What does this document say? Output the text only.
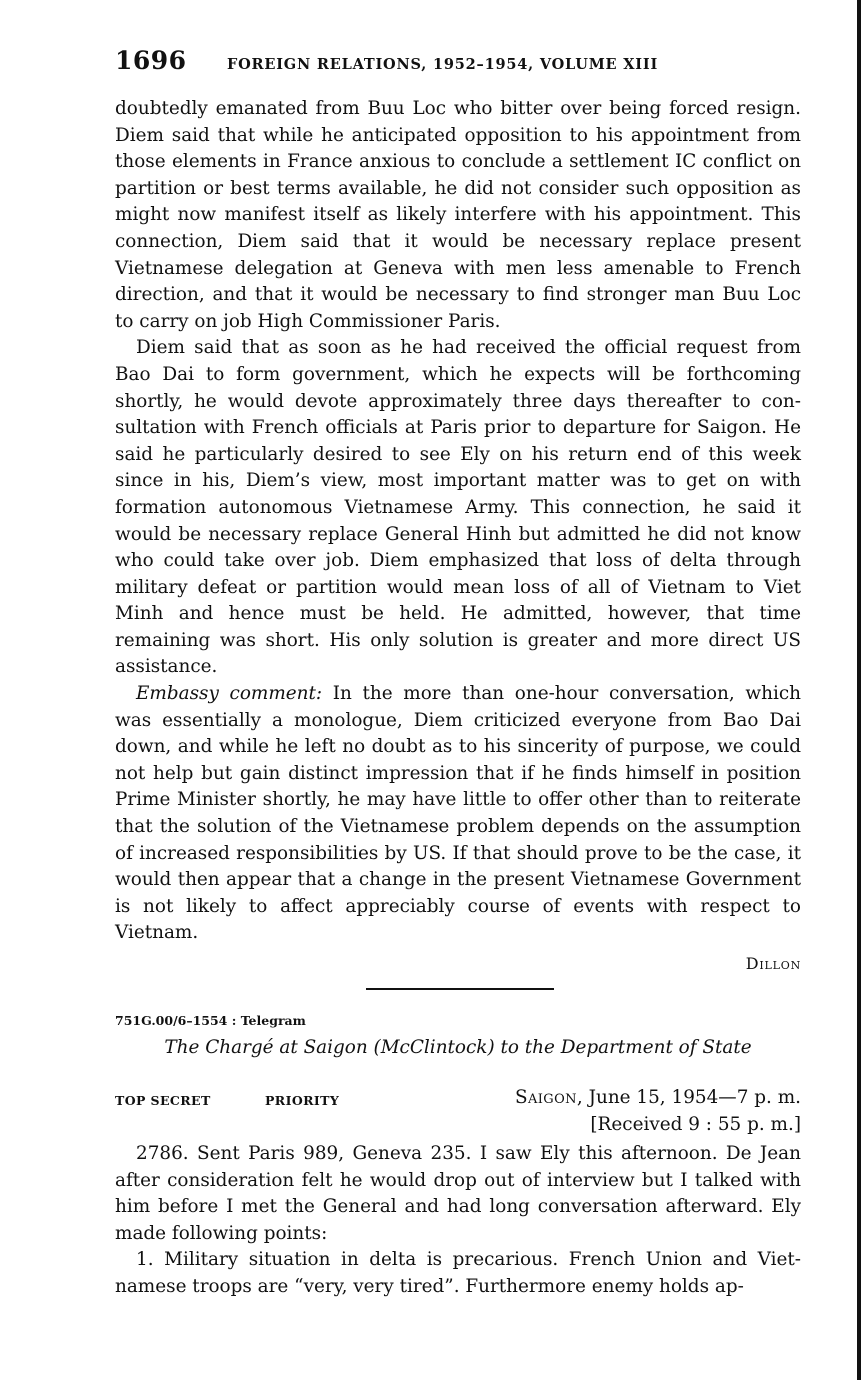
1696	FOREIGN RELATIONS, 1952–1954, VOLUME XIII

doubtedly emanated from Buu Loc who bitter over being forced resign. Diem said that while he anticipated opposition to his appointment from those elements in France anxious to conclude a settlement IC conflict on partition or best terms available, he did not consider such opposition as might now manifest itself as likely interfere with his appointment. This connection, Diem said that it would be necessary replace present Vietnamese delegation at Geneva with men less amenable to French direction, and that it would be necessary to find stronger man Buu Loc to carry on job High Commissioner Paris.

Diem said that as soon as he had received the official request from Bao Dai to form government, which he expects will be forthcoming shortly, he would devote approximately three days thereafter to consultation with French officials at Paris prior to departure for Saigon. He said he particularly desired to see Ely on his return end of this week since in his, Diem’s view, most important matter was to get on with formation autonomous Vietnamese Army. This connection, he said it would be necessary replace General Hinh but admitted he did not know who could take over job. Diem emphasized that loss of delta through military defeat or partition would mean loss of all of Vietnam to Viet Minh and hence must be held. He admitted, however, that time remaining was short. His only solution is greater and more direct US assistance.

Embassy comment: In the more than one-hour conversation, which was essentially a monologue, Diem criticized everyone from Bao Dai down, and while he left no doubt as to his sincerity of purpose, we could not help but gain distinct impression that if he finds himself in position Prime Minister shortly, he may have little to offer other than to reiterate that the solution of the Vietnamese problem depends on the assumption of increased responsibilities by US. If that should prove to be the case, it would then appear that a change in the present Vietnamese Government is not likely to affect appreciably course of events with respect to Vietnam.

Dillon
751G.00/6–1554 : Telegram
The Chargé at Saigon (McClintock) to the Department of State
TOP SECRET	PRIORITY	Saigon, June 15, 1954—7 p. m.
[Received 9 : 55 p. m.]

2786. Sent Paris 989, Geneva 235. I saw Ely this afternoon. De Jean after consideration felt he would drop out of interview but I talked with him before I met the General and had long conversation afterward. Ely made following points:

1. Military situation in delta is precarious. French Union and Vietnamese troops are “very, very tired”. Furthermore enemy holds ap-
